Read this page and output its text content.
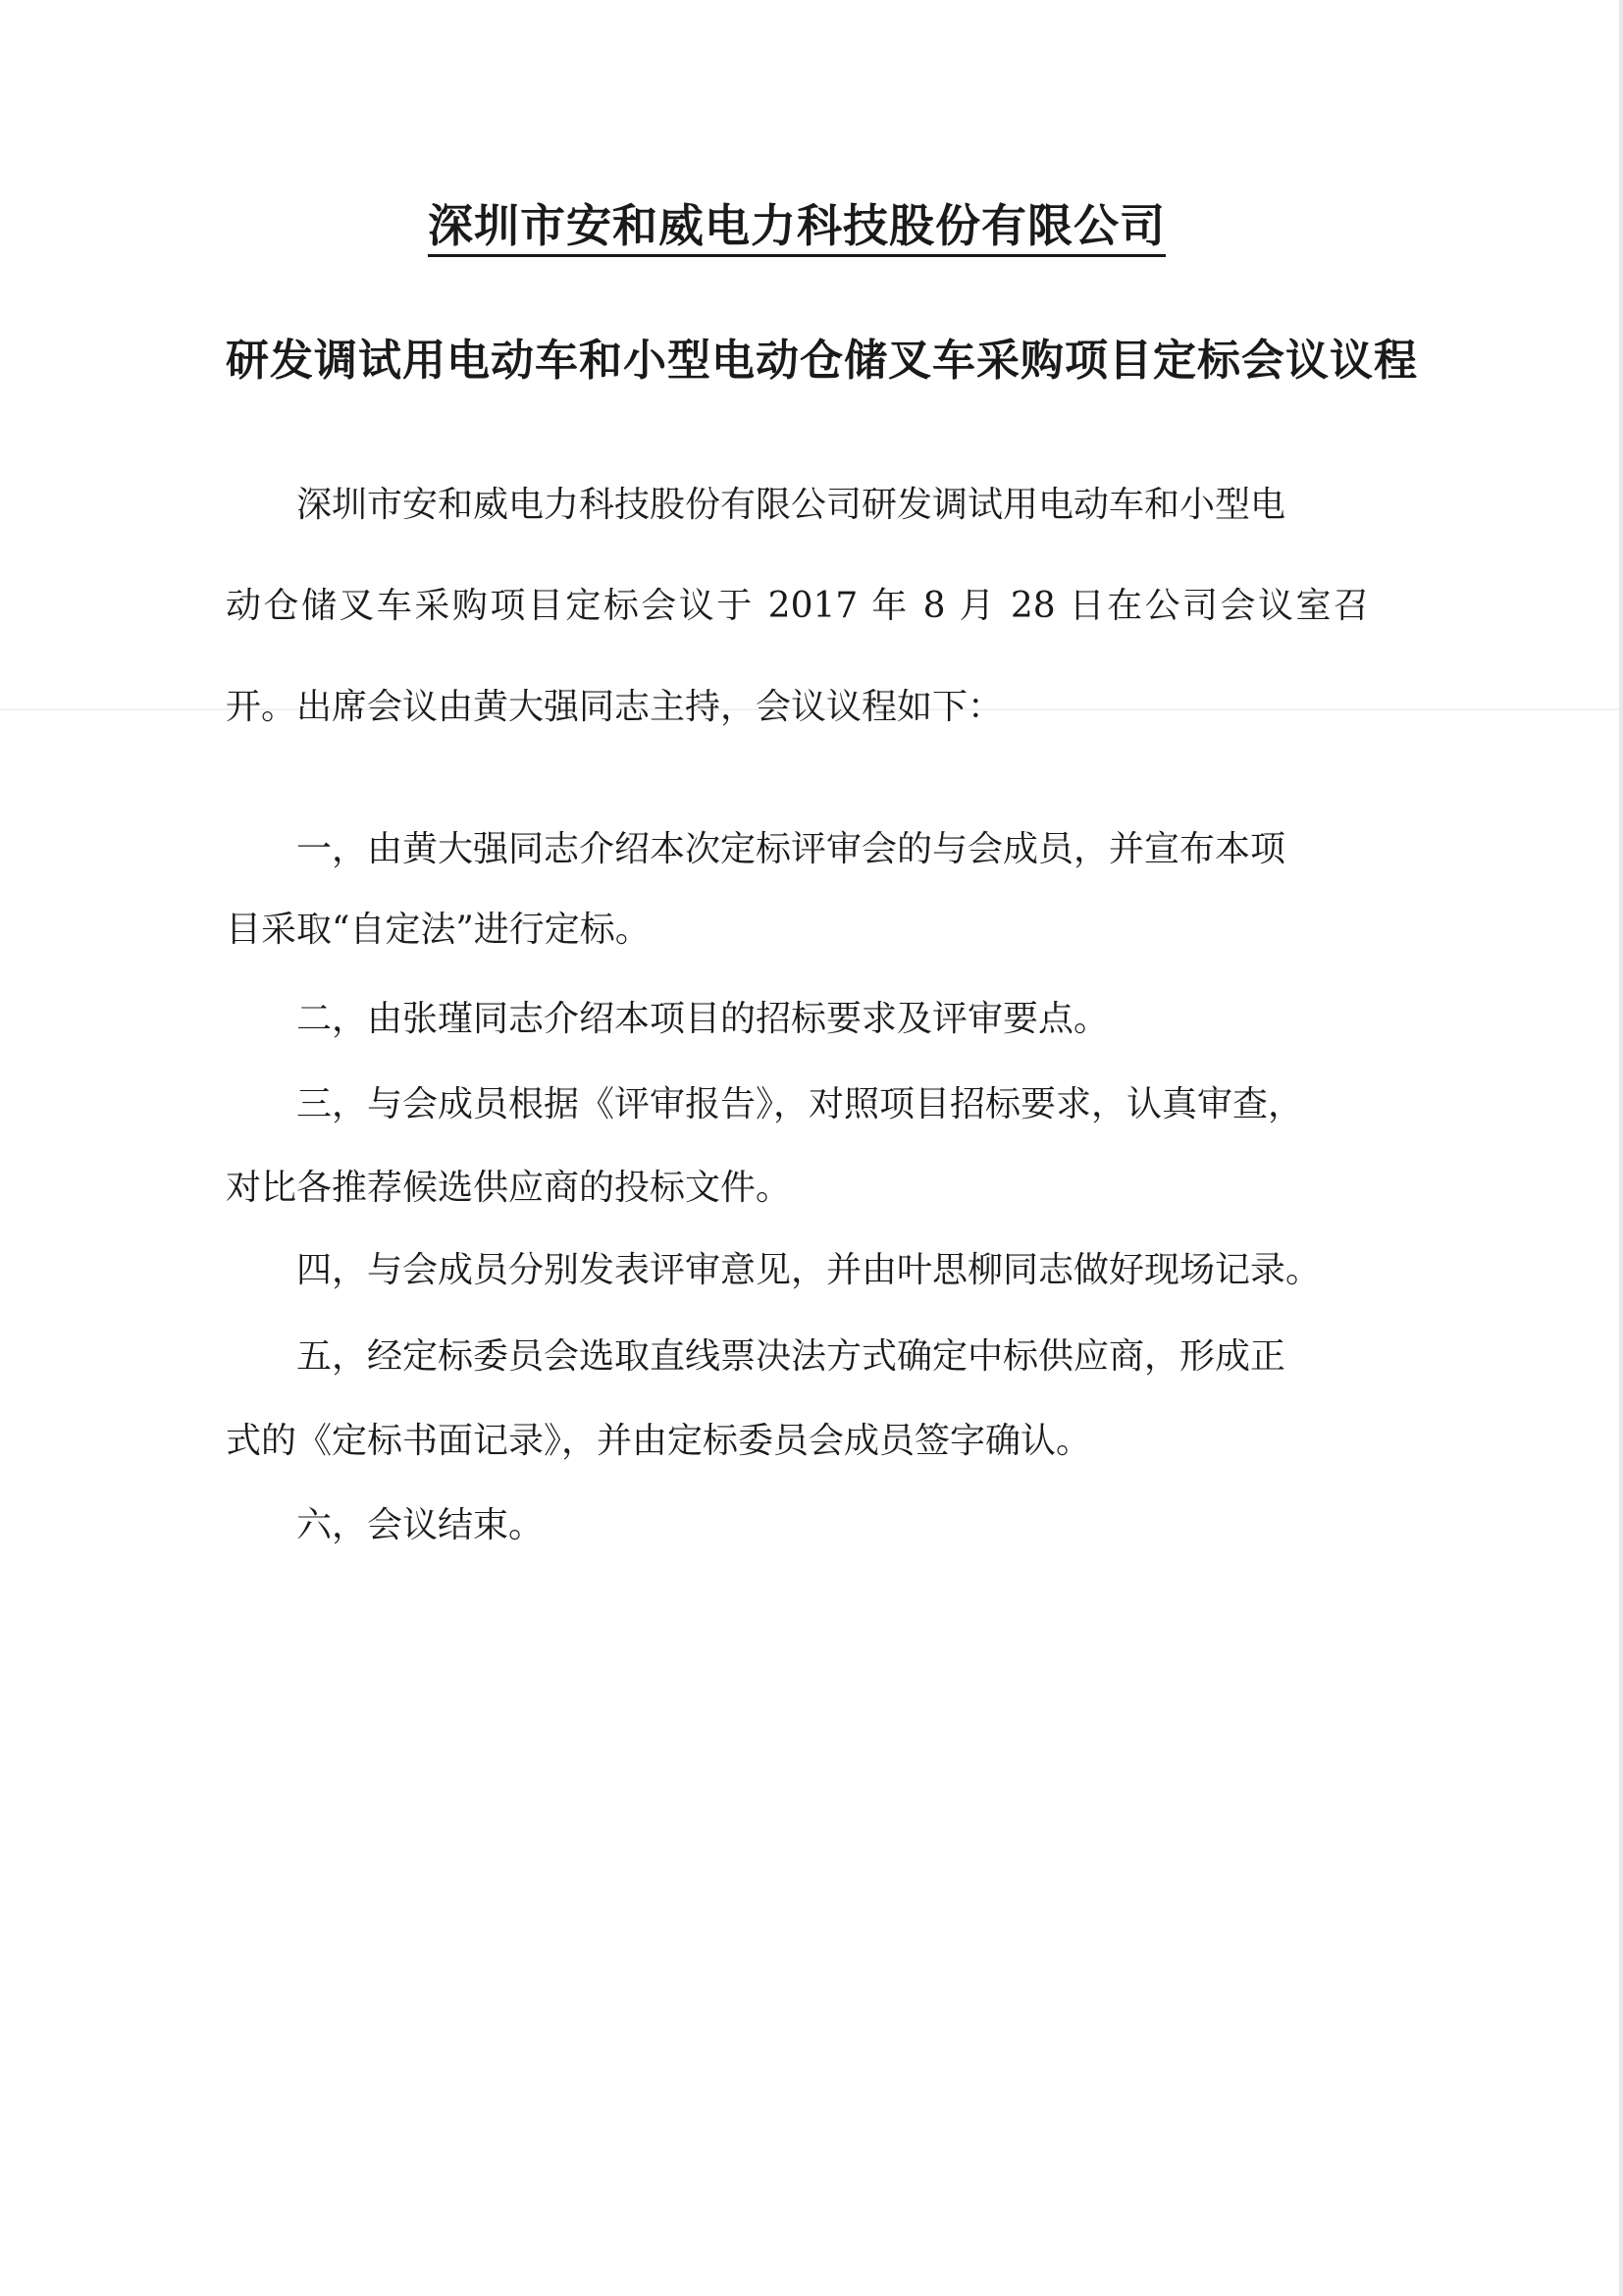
深圳市安和威电力科技股份有限公司
研发调试用电动车和小型电动仓储叉车采购项目定标会议议程

深圳市安和威电力科技股份有限公司研发调试用电动车和小型电

动仓储叉车采购项目定标会议于 2017 年 8 月 28 日在公司会议室召

开。出席会议由黄大强同志主持，会议议程如下：

一，由黄大强同志介绍本次定标评审会的与会成员，并宣布本项

目采取“自定法”进行定标。

二，由张瑾同志介绍本项目的招标要求及评审要点。

三，与会成员根据《评审报告》，对照项目招标要求，认真审查，

对比各推荐候选供应商的投标文件。

四，与会成员分别发表评审意见，并由叶思柳同志做好现场记录。

五，经定标委员会选取直线票决法方式确定中标供应商，形成正

式的《定标书面记录》，并由定标委员会成员签字确认。

六，会议结束。
